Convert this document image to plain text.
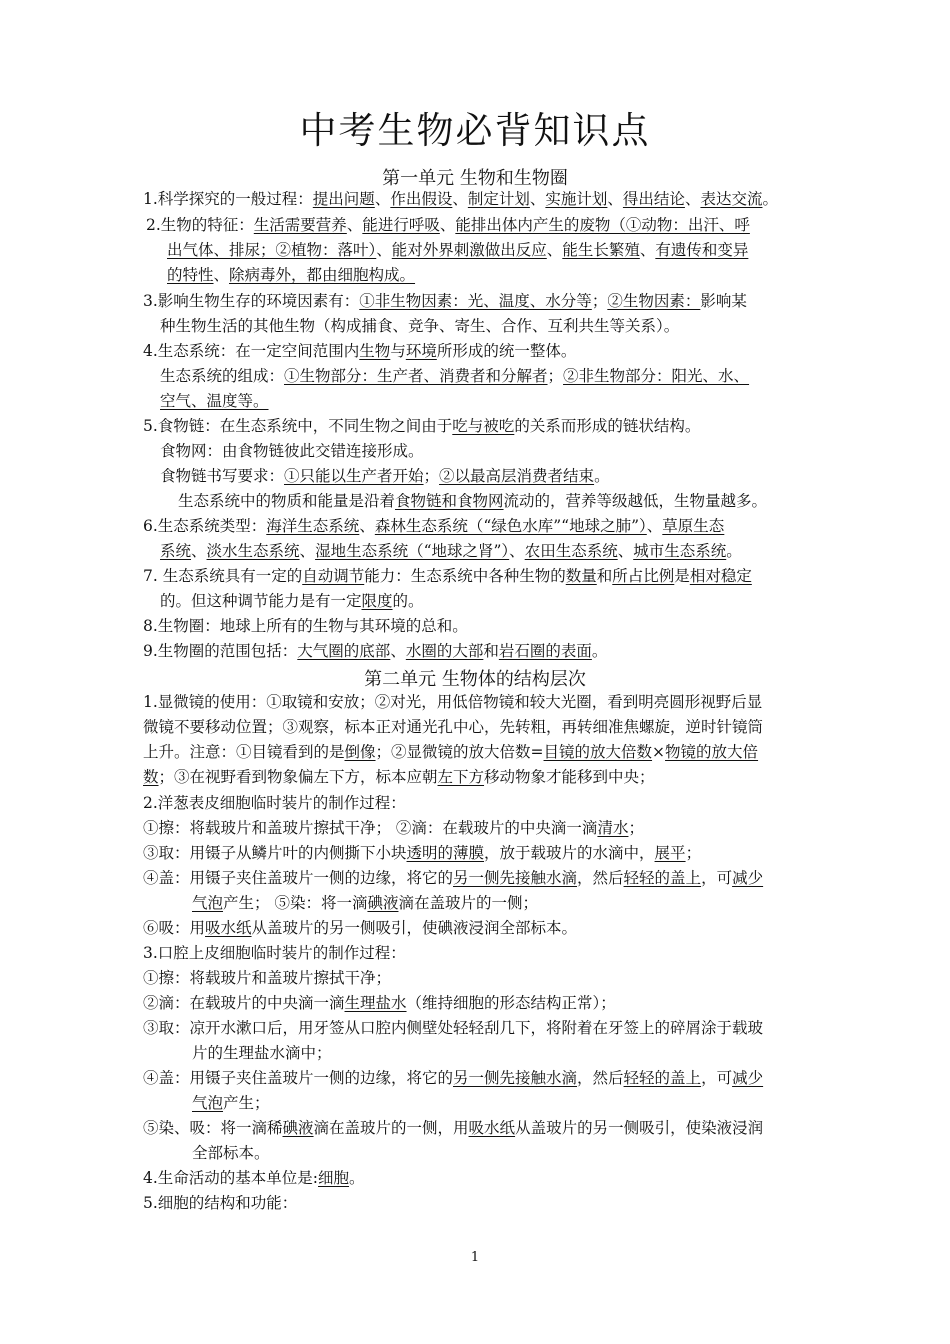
中考生物必背知识点
第一单元 生物和生物圈
第二单元 生物体的结构层次
1.科学探究的一般过程：提出问题、作出假设、制定计划、实施计划、得出结论、表达交流。
2.生物的特征：生活需要营养、能进行呼吸、能排出体内产生的废物（①动物：出汗、呼
出气体、排尿；②植物：落叶）、能对外界刺激做出反应、能生长繁殖、有遗传和变异
的特性、除病毒外，都由细胞构成。
3.影响生物生存的环境因素有：①非生物因素：光、温度、水分等；②生物因素：影响某
种生物生活的其他生物（构成捕食、竞争、寄生、合作、互利共生等关系）。
4.生态系统：在一定空间范围内生物与环境所形成的统一整体。
生态系统的组成：①生物部分：生产者、消费者和分解者；②非生物部分：阳光、水、
空气、温度等。
5.食物链：在生态系统中，不同生物之间由于吃与被吃的关系而形成的链状结构。
食物网：由食物链彼此交错连接形成。
食物链书写要求：①只能以生产者开始；②以最高层消费者结束。
生态系统中的物质和能量是沿着食物链和食物网流动的，营养等级越低，生物量越多。
6.生态系统类型：海洋生态系统、森林生态系统（“绿色水库”“地球之肺”）、草原生态
系统、淡水生态系统、湿地生态系统（“地球之肾”）、农田生态系统、城市生态系统。
7. 生态系统具有一定的自动调节能力：生态系统中各种生物的数量和所占比例是相对稳定
的。但这种调节能力是有一定限度的。
8.生物圈：地球上所有的生物与其环境的总和。
9.生物圈的范围包括：大气圈的底部、水圈的大部和岩石圈的表面。
1.显微镜的使用：①取镜和安放；②对光，用低倍物镜和较大光圈，看到明亮圆形视野后显
微镜不要移动位置；③观察，标本正对通光孔中心，先转粗，再转细准焦螺旋，逆时针镜筒
上升。注意：①目镜看到的是倒像；②显微镜的放大倍数=目镜的放大倍数×物镜的放大倍
数；③在视野看到物象偏左下方，标本应朝左下方移动物象才能移到中央；
2.洋葱表皮细胞临时装片的制作过程：
①擦：将载玻片和盖玻片擦拭干净； ②滴：在载玻片的中央滴一滴清水；
③取：用镊子从鳞片叶的内侧撕下小块透明的薄膜，放于载玻片的水滴中，展平；
④盖：用镊子夹住盖玻片一侧的边缘，将它的另一侧先接触水滴，然后轻轻的盖上，可减少
气泡产生； ⑤染：将一滴碘液滴在盖玻片的一侧；
⑥吸：用吸水纸从盖玻片的另一侧吸引，使碘液浸润全部标本。
3.口腔上皮细胞临时装片的制作过程：
①擦：将载玻片和盖玻片擦拭干净；
②滴：在载玻片的中央滴一滴生理盐水（维持细胞的形态结构正常）；
③取：凉开水漱口后，用牙签从口腔内侧壁处轻轻刮几下，将附着在牙签上的碎屑涂于载玻
片的生理盐水滴中；
④盖：用镊子夹住盖玻片一侧的边缘，将它的另一侧先接触水滴，然后轻轻的盖上，可减少
气泡产生；
⑤染、吸：将一滴稀碘液滴在盖玻片的一侧，用吸水纸从盖玻片的另一侧吸引，使染液浸润
全部标本。
4.生命活动的基本单位是:细胞。
5.细胞的结构和功能：
1
